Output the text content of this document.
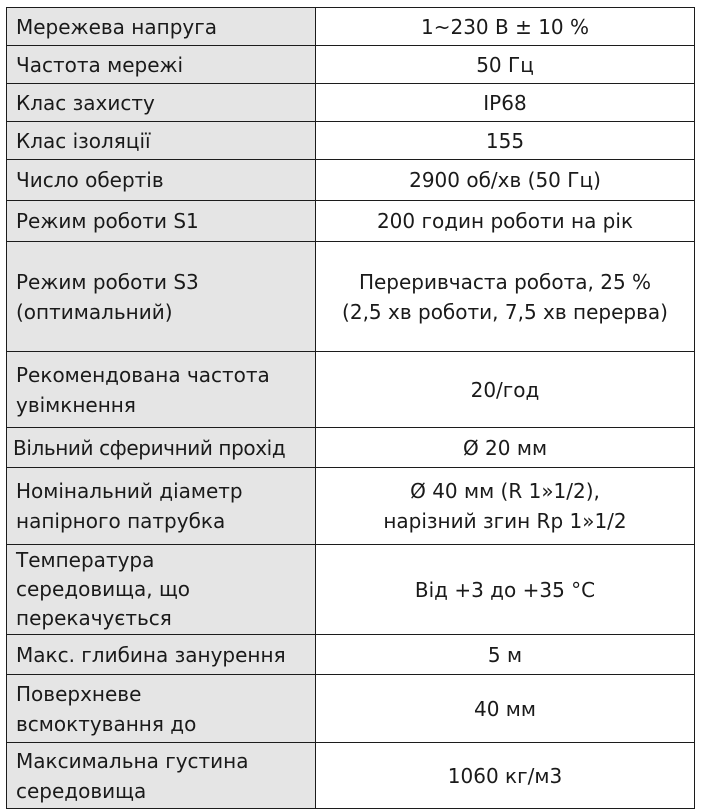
Мережева напруга	1~230 В ± 10 %

Частота мережі	50 Гц

Клас захисту	IP68

Клас ізоляції	155

Число обертів	2900 об/хв (50 Гц)

Режим роботи S1	200 годин роботи на рік

Режим роботи S3
(оптимальний)	Переривчаста робота, 25 %
(2,5 хв роботи, 7,5 хв перерва)

Рекомендована частота
увімкнення	20/год

Вільний сферичний прохід	Ø 20 мм

Номінальний діаметр
напірного патрубка	Ø 40 мм (R 1»1/2),
нарізний згин Rp 1»1/2

Температура
середовища, що
перекачується	Від +3 до +35 °С

Макс. глибина занурення	5 м

Поверхневе
всмоктування до	40 мм

Максимальна густина
середовища	1060 кг/м3
